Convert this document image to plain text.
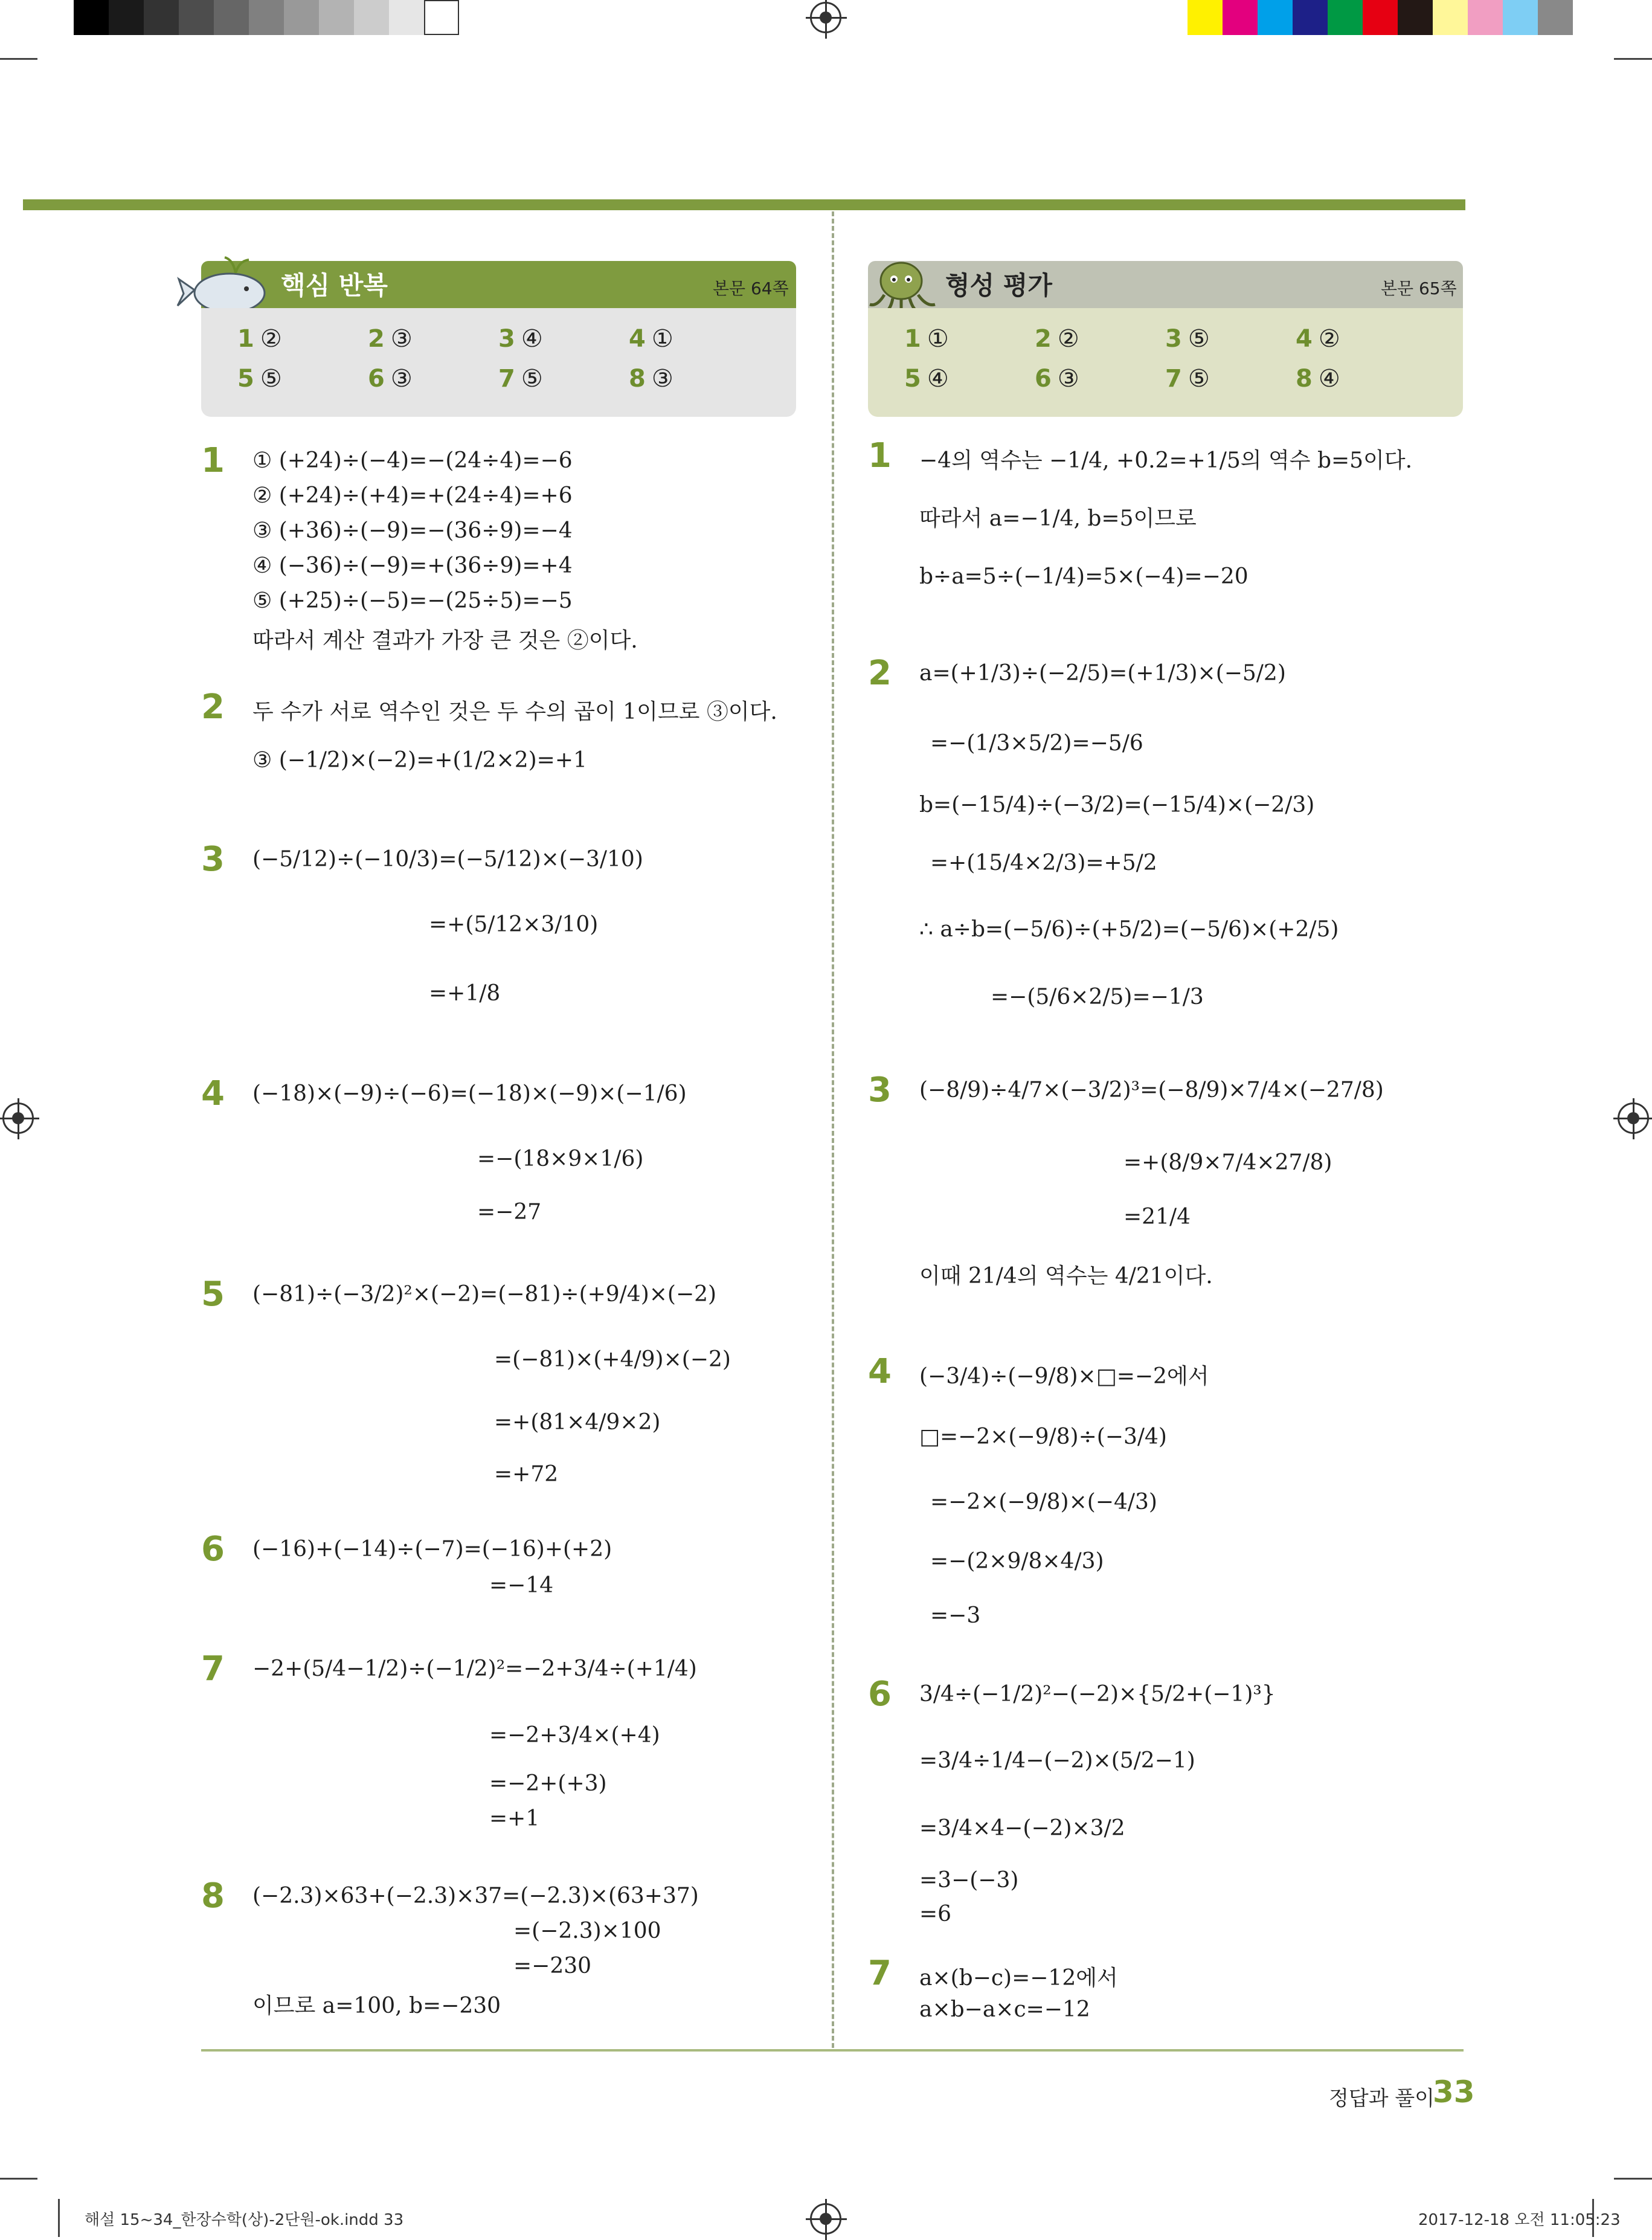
핵심 반복	본문 64쪽
1 ②	2 ③	3 ④	4 ①
5 ⑤	6 ③	7 ⑤	8 ③
형성 평가	본문 65쪽
1 ①	2 ②	3 ⑤	4 ②
5 ④	6 ③	7 ⑤	8 ④
1 ① (+24)÷(−4)=−(24÷4)=−6
② (+24)÷(+4)=+(24÷4)=+6
③ (+36)÷(−9)=−(36÷9)=−4
④ (−36)÷(−9)=+(36÷9)=+4
⑤ (+25)÷(−5)=−(25÷5)=−5
따라서 계산 결과가 가장 큰 것은 ②이다.
2 두 수가 서로 역수인 것은 두 수의 곱이 1이므로 ③이다.
③ (−1/2)×(−2)=+(1/2×2)=+1
3 (−5/12)÷(−10/3)=(−5/12)×(−3/10)
=+(5/12×3/10)
=+1/8
4 (−18)×(−9)÷(−6)=(−18)×(−9)×(−1/6)
=−(18×9×1/6)
=−27
5 (−81)÷(−3/2)²×(−2)=(−81)÷(+9/4)×(−2)
=(−81)×(+4/9)×(−2)
=+(81×4/9×2)
=+72
6 (−16)+(−14)÷(−7)=(−16)+(+2)
=−14
7 −2+(5/4−1/2)÷(−1/2)²=−2+3/4÷(+1/4)
=−2+3/4×(+4)
=−2+(+3)
=+1
8 (−2.3)×63+(−2.3)×37=(−2.3)×(63+37)
=(−2.3)×100
=−230
이므로 a=100, b=−230
1 −4의 역수는 −1/4, +0.2=+1/5의 역수 b=5이다.
따라서 a=−1/4, b=5이므로
b÷a=5÷(−1/4)=5×(−4)=−20
2 a=(+1/3)÷(−2/5)=(+1/3)×(−5/2)
=−(1/3×5/2)=−5/6
b=(−15/4)÷(−3/2)=(−15/4)×(−2/3)
=+(15/4×2/3)=+5/2
∴ a÷b=(−5/6)÷(+5/2)=(−5/6)×(+2/5)
=−(5/6×2/5)=−1/3
3 (−8/9)÷4/7×(−3/2)³=(−8/9)×7/4×(−27/8)
=+(8/9×7/4×27/8)
=21/4
이때 21/4의 역수는 4/21이다.
4 (−3/4)÷(−9/8)×□=−2에서
□=−2×(−9/8)÷(−3/4)
=−2×(−9/8)×(−4/3)
=−(2×9/8×4/3)
=−3
6 3/4÷(−1/2)²−(−2)×{5/2+(−1)³}
=3/4÷1/4−(−2)×(5/2−1)
=3/4×4−(−2)×3/2
=3−(−3)
=6
7 a×(b−c)=−12에서
a×b−a×c=−12
정답과 풀이
33
해설 15~34_한장수학(상)-2단원-ok.indd 33	2017-12-18 오전 11:05:23
